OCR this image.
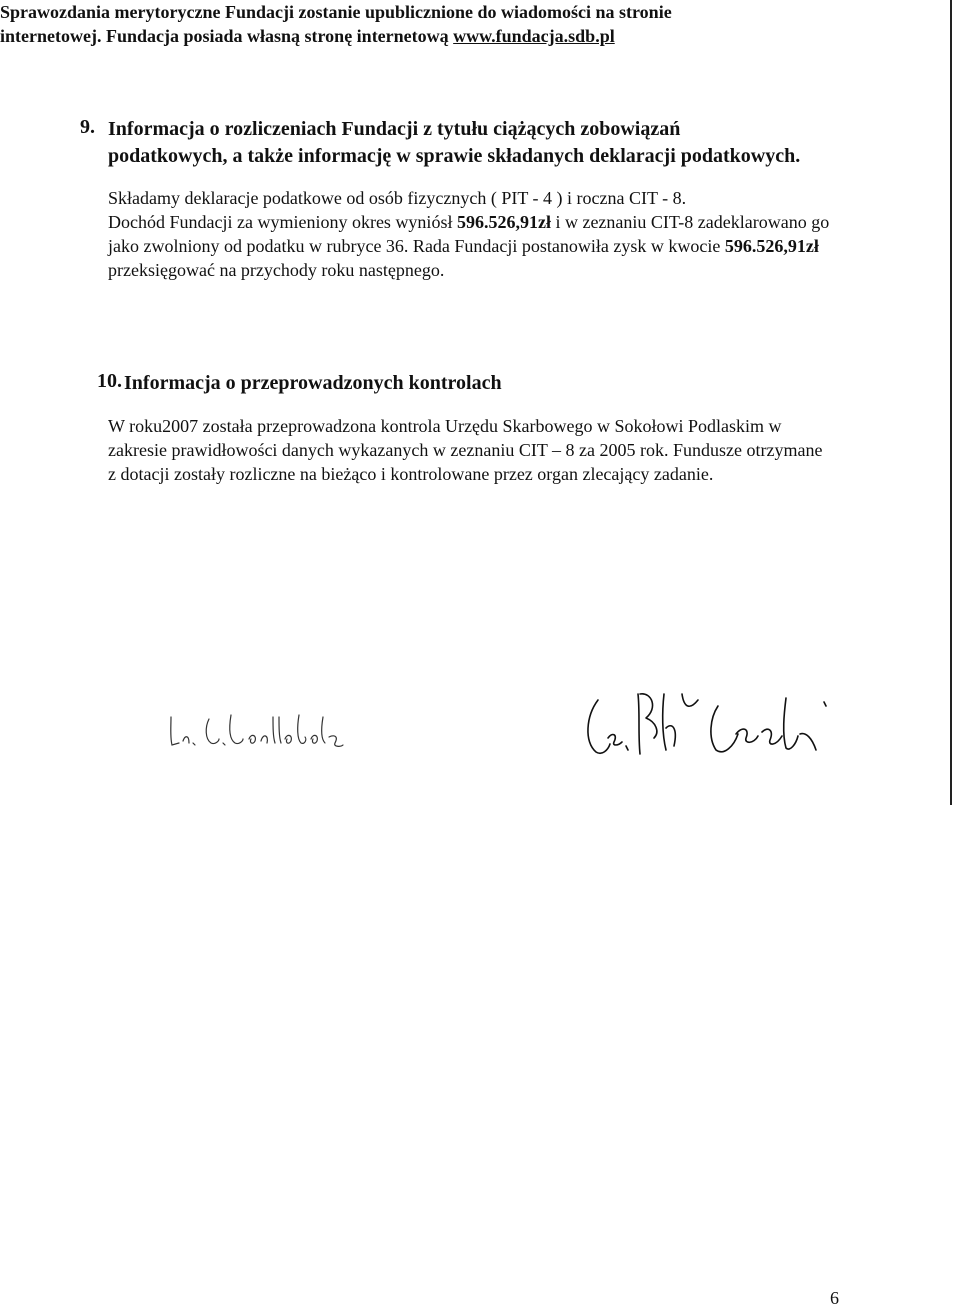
9. Informacja o rozliczeniach Fundacji z tytułu ciążących zobowiązań
podatkowych, a także informację w sprawie składanych deklaracji podatkowych.
Składamy deklaracje podatkowe od osób fizycznych ( PIT - 4 ) i roczna CIT - 8.
Dochód Fundacji za wymieniony okres wyniósł 596.526,91zł i w zeznaniu CIT-8 zadeklarowano go
jako zwolniony od podatku w rubryce 36. Rada Fundacji postanowiła zysk w kwocie 596.526,91zł
przeksięgować na przychody roku następnego.
10. Informacja o przeprowadzonych kontrolach
W roku2007 została przeprowadzona kontrola Urzędu Skarbowego w Sokołowi Podlaskim w
zakresie prawidłowości danych wykazanych w zeznaniu CIT – 8 za 2005 rok. Fundusze otrzymane
z dotacji zostały rozliczne na bieżąco i kontrolowane przez organ zlecający zadanie.
Sprawozdania merytoryczne Fundacji zostanie upublicznione do wiadomości na stronie
internetowej. Fundacja posiada własną stronę internetową www.fundacja.sdb.pl
6
